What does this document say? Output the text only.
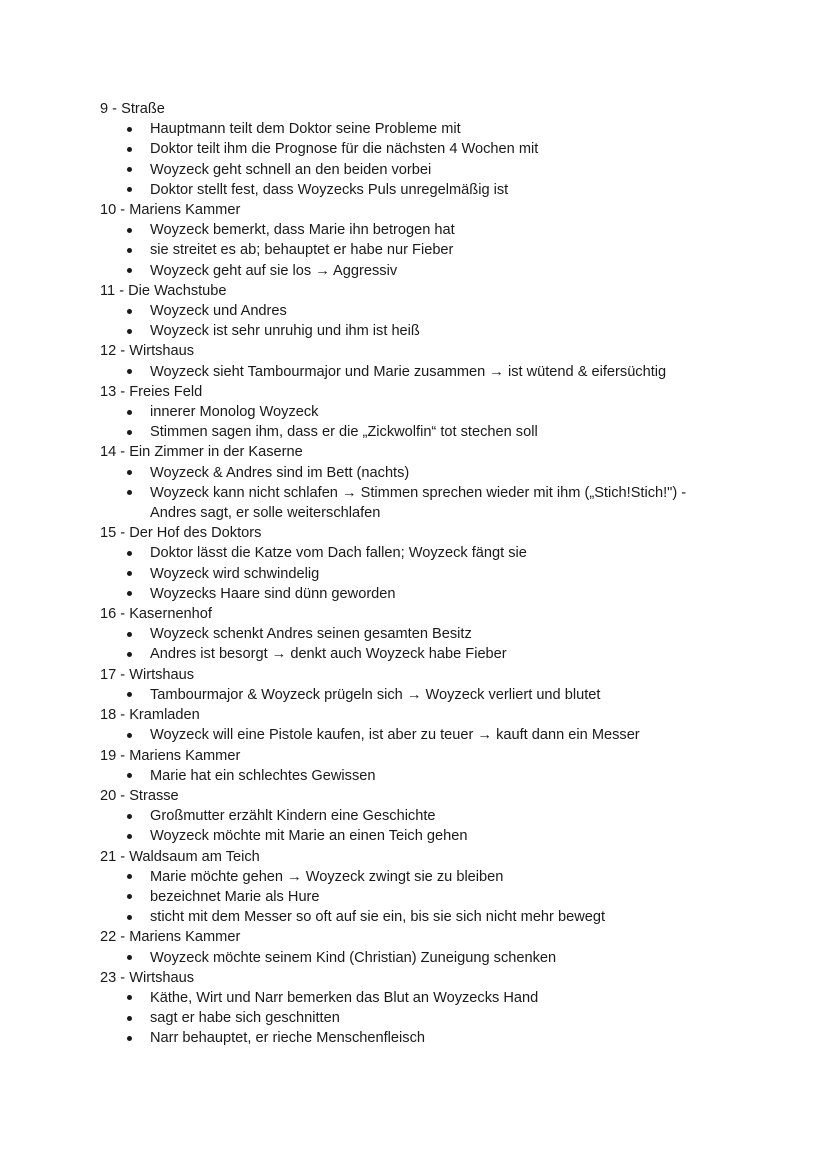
9 - Straße
Hauptmann teilt dem Doktor seine Probleme mit
Doktor teilt ihm die Prognose für die nächsten 4 Wochen mit
Woyzeck geht schnell an den beiden vorbei
Doktor stellt fest, dass Woyzecks Puls unregelmäßig ist
10 - Mariens Kammer
Woyzeck bemerkt, dass Marie ihn betrogen hat
sie streitet es ab; behauptet er habe nur Fieber
Woyzeck geht auf sie los → Aggressiv
11 - Die Wachstube
Woyzeck und Andres
Woyzeck ist sehr unruhig und ihm ist heiß
12 - Wirtshaus
Woyzeck sieht Tambourmajor und Marie zusammen → ist wütend & eifersüchtig
13 - Freies Feld
innerer Monolog Woyzeck
Stimmen sagen ihm, dass er die „Zickwolfin“ tot stechen soll
14 - Ein Zimmer in der Kaserne
Woyzeck & Andres sind im Bett (nachts)
Woyzeck kann nicht schlafen → Stimmen sprechen wieder mit ihm („Stich!Stich!") - Andres sagt, er solle weiterschlafen
15 - Der Hof des Doktors
Doktor lässt die Katze vom Dach fallen; Woyzeck fängt sie
Woyzeck wird schwindelig
Woyzecks Haare sind dünn geworden
16 - Kasernenhof
Woyzeck schenkt Andres seinen gesamten Besitz
Andres ist besorgt → denkt auch Woyzeck habe Fieber
17 - Wirtshaus
Tambourmajor & Woyzeck prügeln sich → Woyzeck verliert und blutet
18 - Kramladen
Woyzeck will eine Pistole kaufen, ist aber zu teuer → kauft dann ein Messer
19 - Mariens Kammer
Marie hat ein schlechtes Gewissen
20 - Strasse
Großmutter erzählt Kindern eine Geschichte
Woyzeck möchte mit Marie an einen Teich gehen
21 - Waldsaum am Teich
Marie möchte gehen → Woyzeck zwingt sie zu bleiben
bezeichnet Marie als Hure
sticht mit dem Messer so oft auf sie ein, bis sie sich nicht mehr bewegt
22 - Mariens Kammer
Woyzeck möchte seinem Kind (Christian) Zuneigung schenken
23 - Wirtshaus
Käthe, Wirt und Narr bemerken das Blut an Woyzecks Hand
sagt er habe sich geschnitten
Narr behauptet, er rieche Menschenfleisch
